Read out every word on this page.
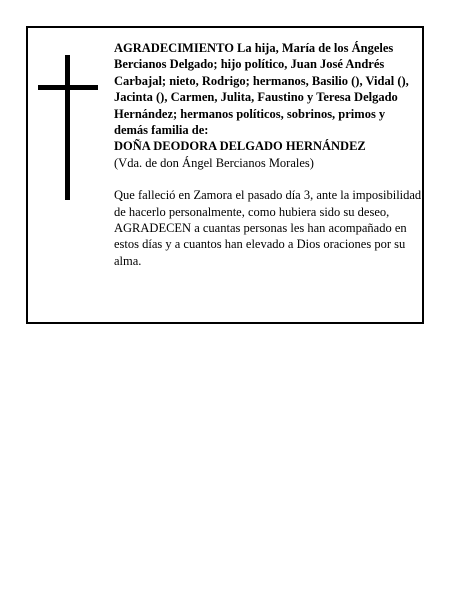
AGRADECIMIENTO La hija, María de los Ángeles Bercianos Delgado; hijo político, Juan José Andrés Carbajal; nieto, Rodrigo; hermanos, Basilio (), Vidal (), Jacinta (), Carmen, Julita, Faustino y Teresa Delgado Hernández; hermanos políticos, sobrinos, primos y demás familia de:

DOÑA DEODORA DELGADO HERNÁNDEZ

(Vda. de don Ángel Bercianos Morales)

Que falleció en Zamora el pasado día 3, ante la imposibilidad de hacerlo personalmente, como hubiera sido su deseo, AGRADECEN a cuantas personas les han acompañado en estos días y a cuantos han elevado a Dios oraciones por su alma.
